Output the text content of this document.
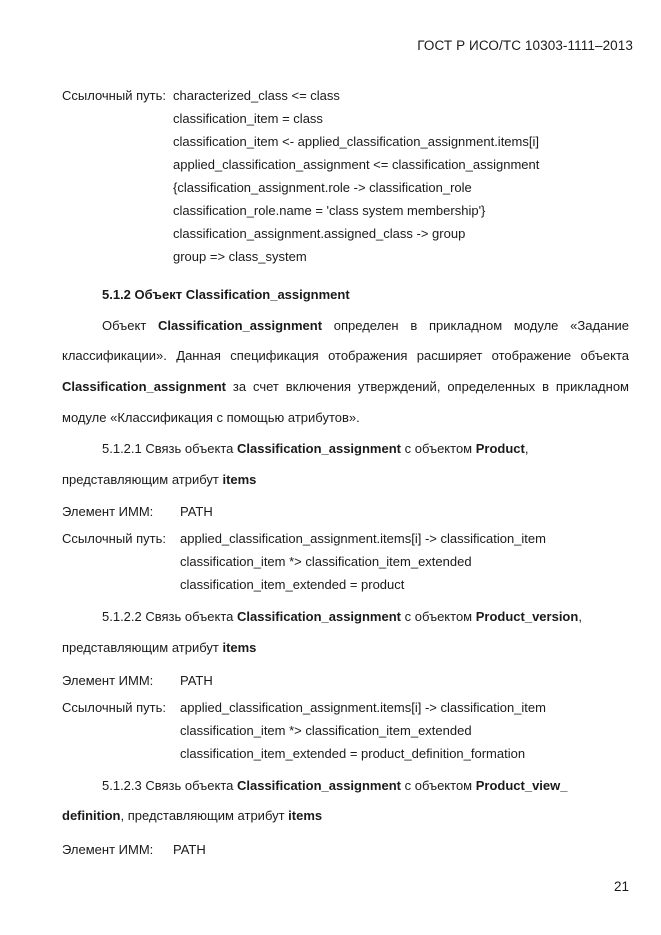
ГОСТ Р ИСО/ТС 10303-1111–2013
Ссылочный путь: characterized_class <= class
classification_item = class
classification_item <- applied_classification_assignment.items[i]
applied_classification_assignment <= classification_assignment
{classification_assignment.role -> classification_role
classification_role.name = 'class system membership'}
classification_assignment.assigned_class -> group
group => class_system
5.1.2 Объект Classification_assignment
Объект Classification_assignment определен в прикладном модуле «Задание
классификации». Данная спецификация отображения расширяет отображение объекта
Classification_assignment за счет включения утверждений, определенных в прикладном
модуле «Классификация с помощью атрибутов».
5.1.2.1 Связь объекта Classification_assignment с объектом Product,
представляющим атрибут items
Элемент ИММ: PATH
Ссылочный путь: applied_classification_assignment.items[i] -> classification_item
classification_item *> classification_item_extended
classification_item_extended = product
5.1.2.2 Связь объекта Classification_assignment с объектом Product_version,
представляющим атрибут items
Элемент ИММ: PATH
Ссылочный путь: applied_classification_assignment.items[i] -> classification_item
classification_item *> classification_item_extended
classification_item_extended = product_definition_formation
5.1.2.3 Связь объекта Classification_assignment с объектом Product_view_
definition, представляющим атрибут items
Элемент ИММ: PATH
21
